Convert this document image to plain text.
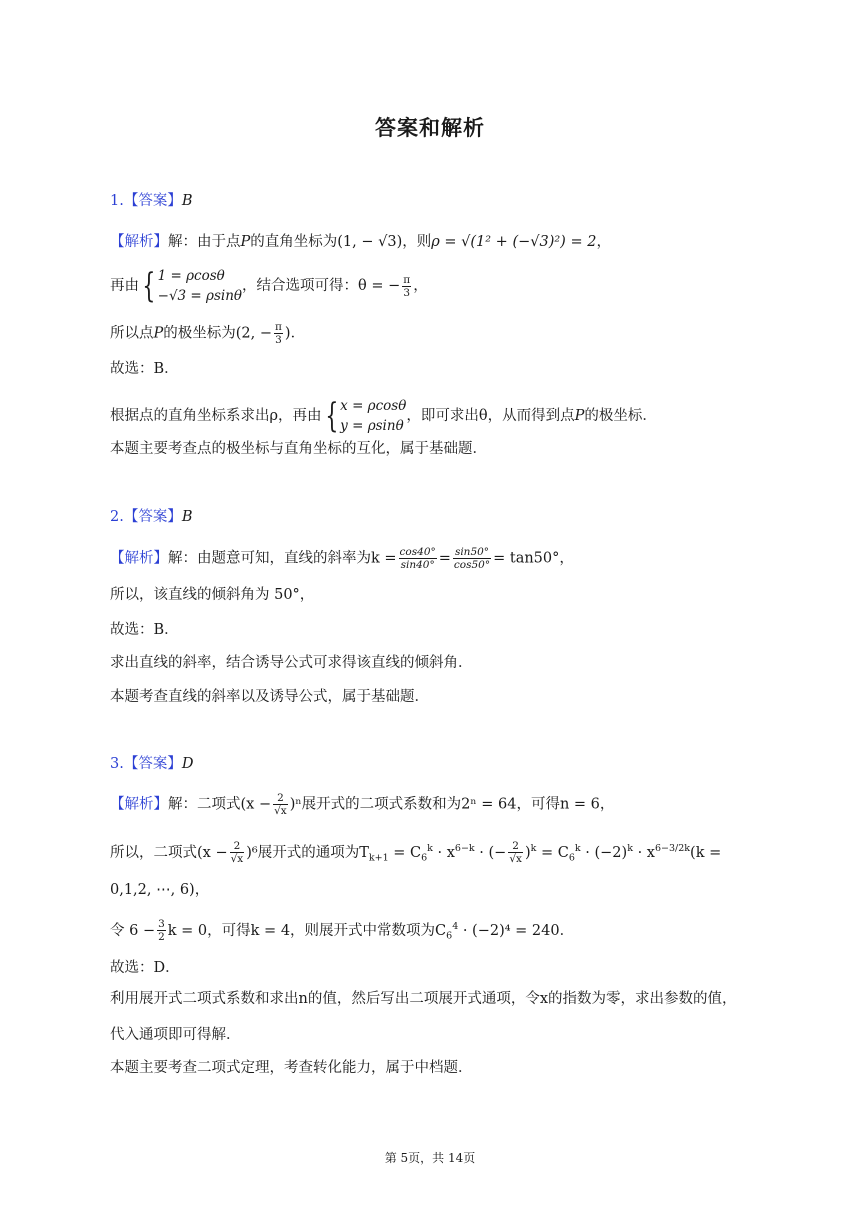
答案和解析
1.【答案】B
【解析】解：由于点P的直角坐标为(1, − √3)，则ρ = √(1² + (−√3)²) = 2，
再由{ 1 = ρcosθ
−√3 = ρsinθ
，结合选项可得：θ = − $\frac{\pi}{3}$ ，
所以点P的极坐标为(2, − $\frac{\pi}{3}$ )．
故选：B．
根据点的直角坐标系求出ρ，再由{ x = ρcosθ
y = ρsinθ
，即可求出θ，从而得到点P的极坐标．
本题主要考查点的极坐标与直角坐标的互化，属于基础题．
2.【答案】B
【解析】解：由题意可知，直线的斜率为$k = \frac{\cos 40^\circ}{\sin 40^\circ} = \frac{\sin 50^\circ}{\cos 50^\circ} = \tan 50^\circ$，
所以，该直线的倾斜角为 50°，
故选：B．
求出直线的斜率，结合诱导公式可求得该直线的倾斜角．
本题考查直线的斜率以及诱导公式，属于基础题．
3.【答案】D
【解析】解：二项式$(x - \frac{2}{√x} )^n$展开式的二项式系数和为2ⁿ = 64，可得n = 6，
所以，二项式$(x - \frac{2}{√x} )^6$展开式的通项为$T_{k+1} = C_6^k \cdot x^{6-k}$ · (− $\frac{2}{√x} )^k = C_6^k \cdot (-2)^k \cdot x^{6-3/2k}(k$ =
0,1,2, ⋯, 6)，
令 $6 - \frac{3}{2}$ k = 0，可得k = 4，则展开式中常数项为$C_6^4 \cdot (-2)^4 = 240$．
故选：D．
利用展开式二项式系数和求出n的值，然后写出二项展开式通项，令x的指数为零，求出参数的值，
代入通项即可得解．
本题主要考查二项式定理，考查转化能力，属于中档题．
第 5页，共 14页
